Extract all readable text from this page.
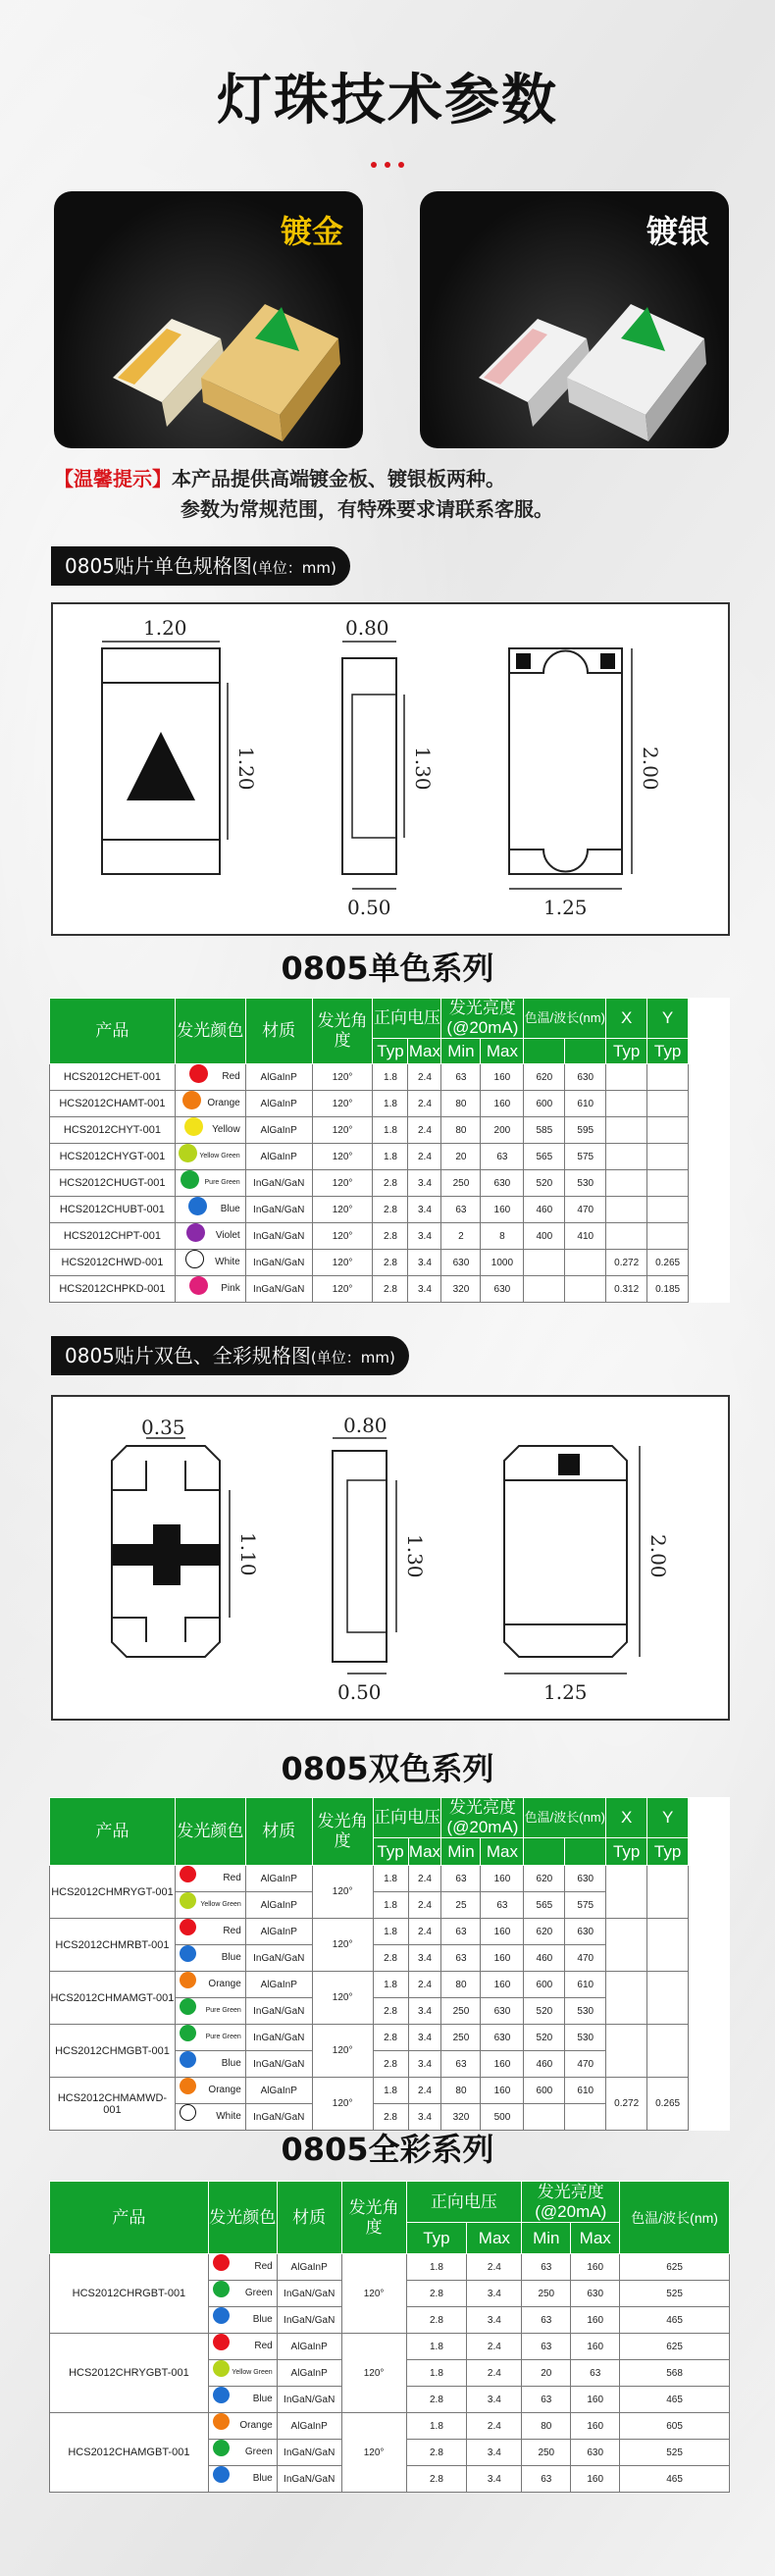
灯珠技术参数
镀金	镀银
【温馨提示】本产品提供高端镀金板、镀银板两种。
参数为常规范围，有特殊要求请联系客服。
0805贴片单色规格图(单位：mm)
1.20
1.20
0.80
1.30
0.50
2.00
1.25
0805单色系列
产品	发光颜色	材质	发光角度	正向电压		发光亮度
(@20mA)		色温/波长(nm)		X	Y
				Typ	Max	Min	Max			Typ	Typ
HCS2012CHET-001	Red	AlGaInP	120°	1.8	2.4	63	160	620	630		
HCS2012CHAMT-001	Orange	AlGaInP	120°	1.8	2.4	80	160	600	610		
HCS2012CHYT-001	Yellow	AlGaInP	120°	1.8	2.4	80	200	585	595		
HCS2012CHYGT-001	Yellow Green	AlGaInP	120°	1.8	2.4	20	63	565	575		
HCS2012CHUGT-001	Pure Green	InGaN/GaN	120°	2.8	3.4	250	630	520	530		
HCS2012CHUBT-001	Blue	InGaN/GaN	120°	2.8	3.4	63	160	460	470		
HCS2012CHPT-001	Violet	InGaN/GaN	120°	2.8	3.4	2	8	400	410		
HCS2012CHWD-001	White	InGaN/GaN	120°	2.8	3.4	630	1000			0.272	0.265
HCS2012CHPKD-001	Pink	InGaN/GaN	120°	2.8	3.4	320	630			0.312	0.185
0805贴片双色、全彩规格图(单位：mm)
0.35
1.10
0.80
1.30
0.50
2.00
1.25
0805双色系列
产品	发光颜色	材质	发光角度	正向电压		发光亮度
(@20mA)		色温/波长(nm)		X	Y
				Typ	Max	Min	Max			Typ	Typ
HCS2012CHMRYGT-001	Red	AlGaInP	120°	1.8	2.4	63	160	620	630		

	Yellow Green	AlGaInP		1.8	2.4	25	63	565	575		
HCS2012CHMRBT-001	Red	AlGaInP	120°	1.8	2.4	63	160	620	630		

	Blue	InGaN/GaN		2.8	3.4	63	160	460	470		
HCS2012CHMAMGT-001	Orange	AlGaInP	120°	1.8	2.4	80	160	600	610		

	Pure Green	InGaN/GaN		2.8	3.4	250	630	520	530		
HCS2012CHMGBT-001	Pure Green	InGaN/GaN	120°	2.8	3.4	250	630	520	530		

	Blue	InGaN/GaN		2.8	3.4	63	160	460	470		
HCS2012CHMAMWD-001	Orange	AlGaInP	120°	1.8	2.4	80	160	600	610	0.272	0.265

	White	InGaN/GaN		2.8	3.4	320	500				
0805全彩系列
产品	发光颜色	材质	发光角度	正向电压		发光亮度
(@20mA)		色温/波长(nm)
				Typ	Max	Min	Max	
HCS2012CHRGBT-001	Red	AlGaInP	120°	1.8	2.4	63	160	625

	Green	InGaN/GaN		2.8	3.4	250	630	525

	Blue	InGaN/GaN		2.8	3.4	63	160	465
HCS2012CHRYGBT-001	Red	AlGaInP	120°	1.8	2.4	63	160	625

	Yellow Green	AlGaInP		1.8	2.4	20	63	568

	Blue	InGaN/GaN		2.8	3.4	63	160	465
HCS2012CHAMGBT-001	Orange	AlGaInP	120°	1.8	2.4	80	160	605

	Green	InGaN/GaN		2.8	3.4	250	630	525

	Blue	InGaN/GaN		2.8	3.4	63	160	465
